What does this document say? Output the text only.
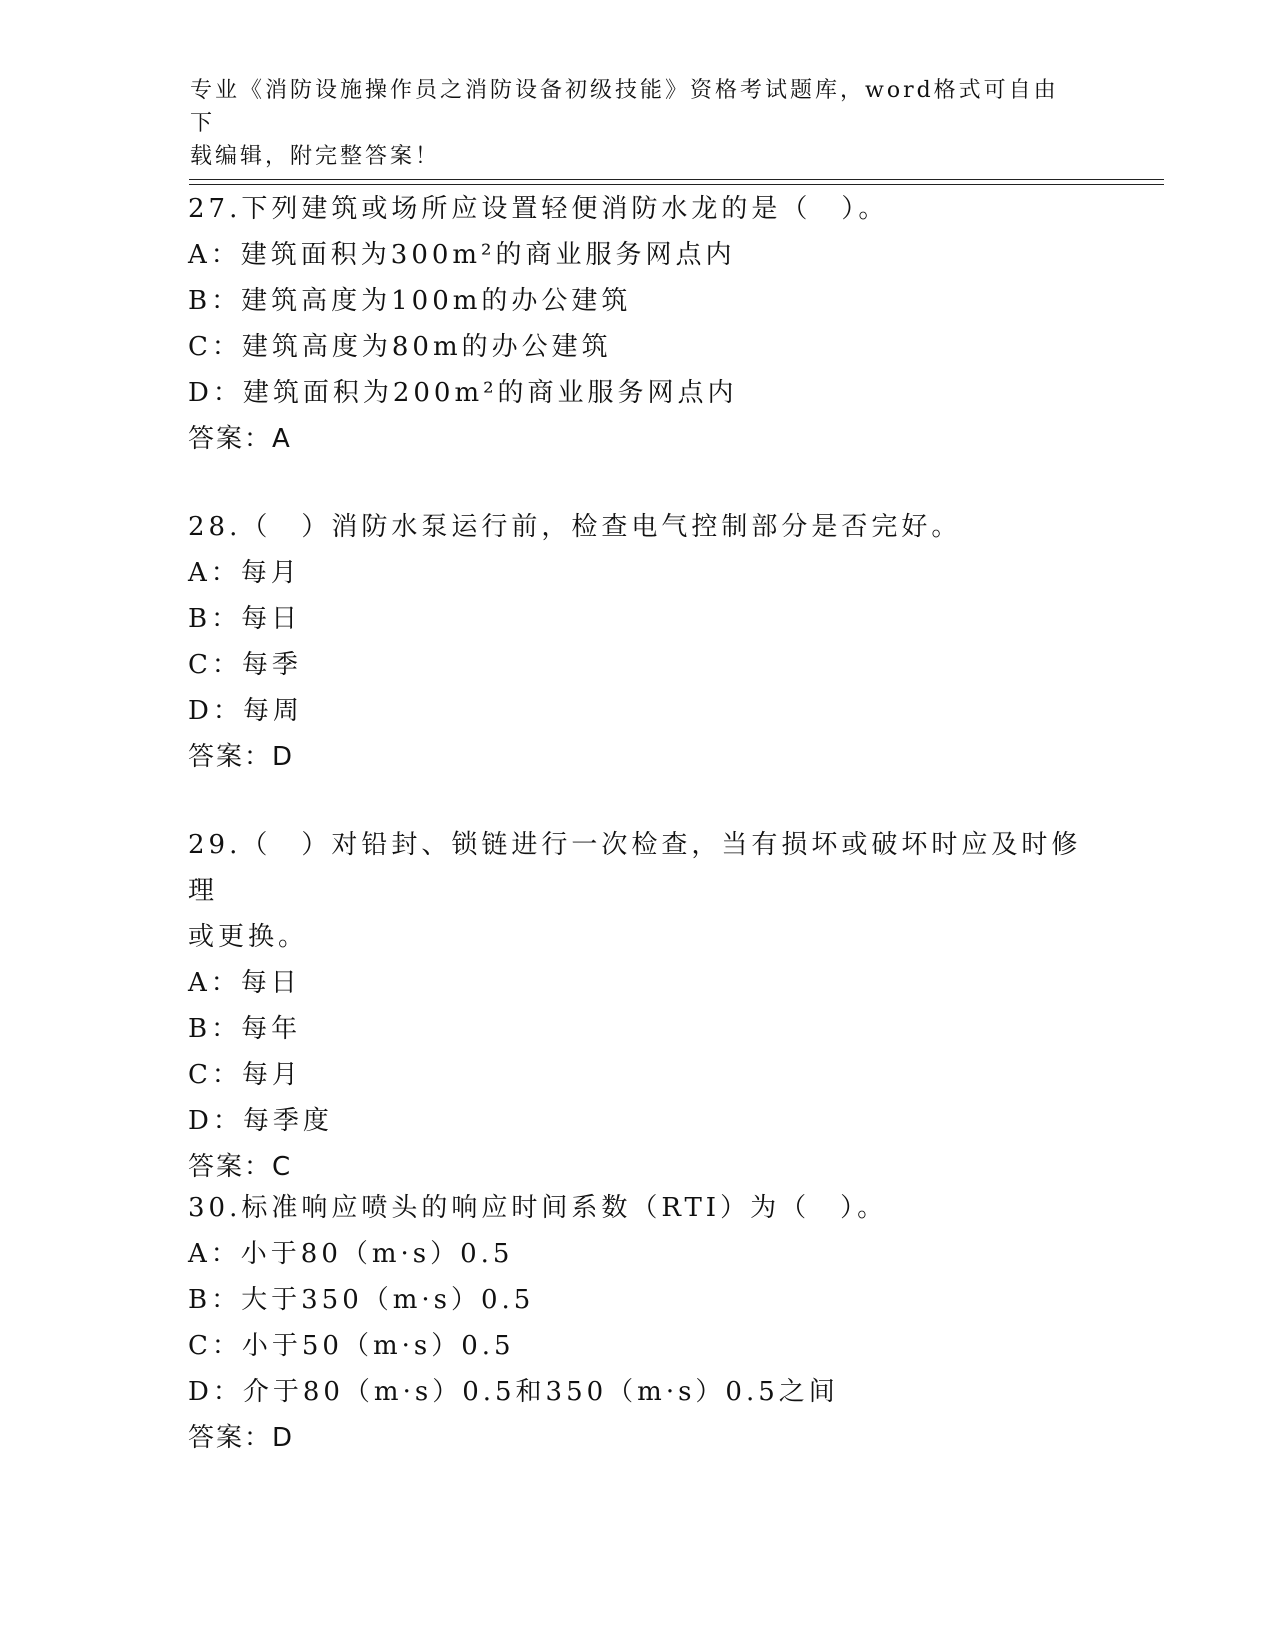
专业《消防设施操作员之消防设备初级技能》资格考试题库，word格式可自由下
载编辑，附完整答案！

27.下列建筑或场所应设置轻便消防水龙的是（　）。

A：建筑面积为300m²的商业服务网点内
B：建筑高度为100m的办公建筑
C：建筑高度为80m的办公建筑
D：建筑面积为200m²的商业服务网点内
答案：A

28.（　）消防水泵运行前，检查电气控制部分是否完好。

A：每月
B：每日
C：每季
D：每周
答案：D

29.（　）对铅封、锁链进行一次检查，当有损坏或破坏时应及时修理

或更换。

A：每日
B：每年
C：每月
D：每季度
答案：C

30.标准响应喷头的响应时间系数（RTI）为（　）。

A：小于80（m·s）0.5
B：大于350（m·s）0.5
C：小于50（m·s）0.5
D：介于80（m·s）0.5和350（m·s）0.5之间
答案：D
